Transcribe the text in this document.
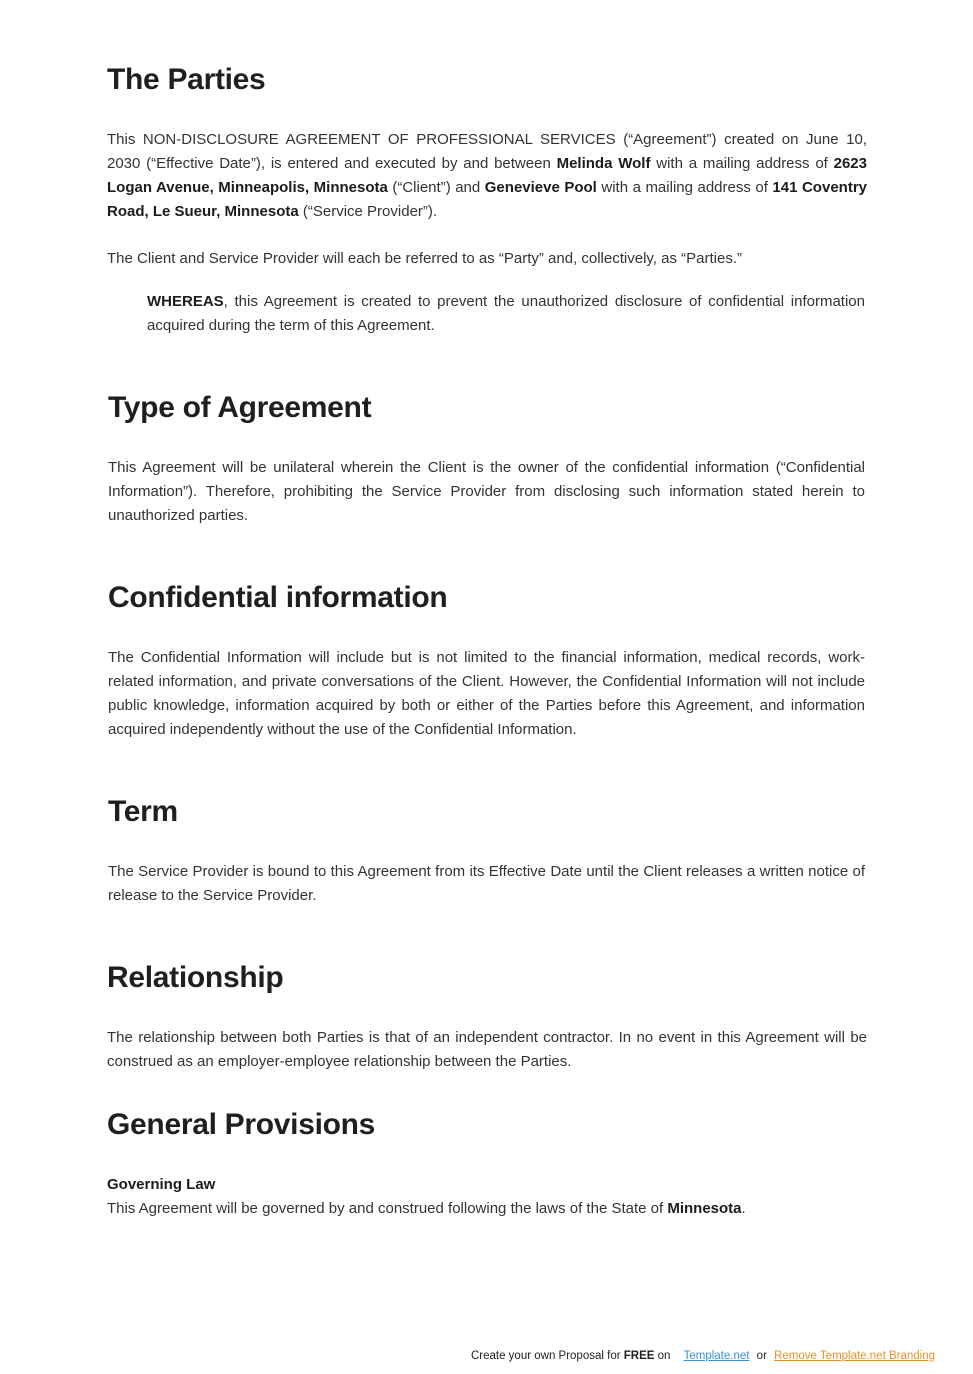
The Parties

This NON-DISCLOSURE AGREEMENT OF PROFESSIONAL SERVICES (“Agreement”) created on June 10, 2030 (“Effective Date”), is entered and executed by and between Melinda Wolf with a mailing address of 2623 Logan Avenue, Minneapolis, Minnesota (“Client”) and Genevieve Pool with a mailing address of 141 Coventry Road, Le Sueur, Minnesota (“Service Provider”).

The Client and Service Provider will each be referred to as “Party” and, collectively, as “Parties.”

WHEREAS, this Agreement is created to prevent the unauthorized disclosure of confidential information acquired during the term of this Agreement.

Type of Agreement

This Agreement will be unilateral wherein the Client is the owner of the confidential information (“Confidential Information”). Therefore, prohibiting the Service Provider from disclosing such information stated herein to unauthorized parties.

Confidential information

The Confidential Information will include but is not limited to the financial information, medical records, work-related information, and private conversations of the Client. However, the Confidential Information will not include public knowledge, information acquired by both or either of the Parties before this Agreement, and information acquired independently without the use of the Confidential Information.

Term

The Service Provider is bound to this Agreement from its Effective Date until the Client releases a written notice of release to the Service Provider.

Relationship

The relationship between both Parties is that of an independent contractor. In no event in this Agreement will be construed as an employer-employee relationship between the Parties.

General Provisions
Governing Law

This Agreement will be governed by and construed following the laws of the State of Minnesota.

Create your own Proposal for FREE on Template.net or Remove Template.net Branding
